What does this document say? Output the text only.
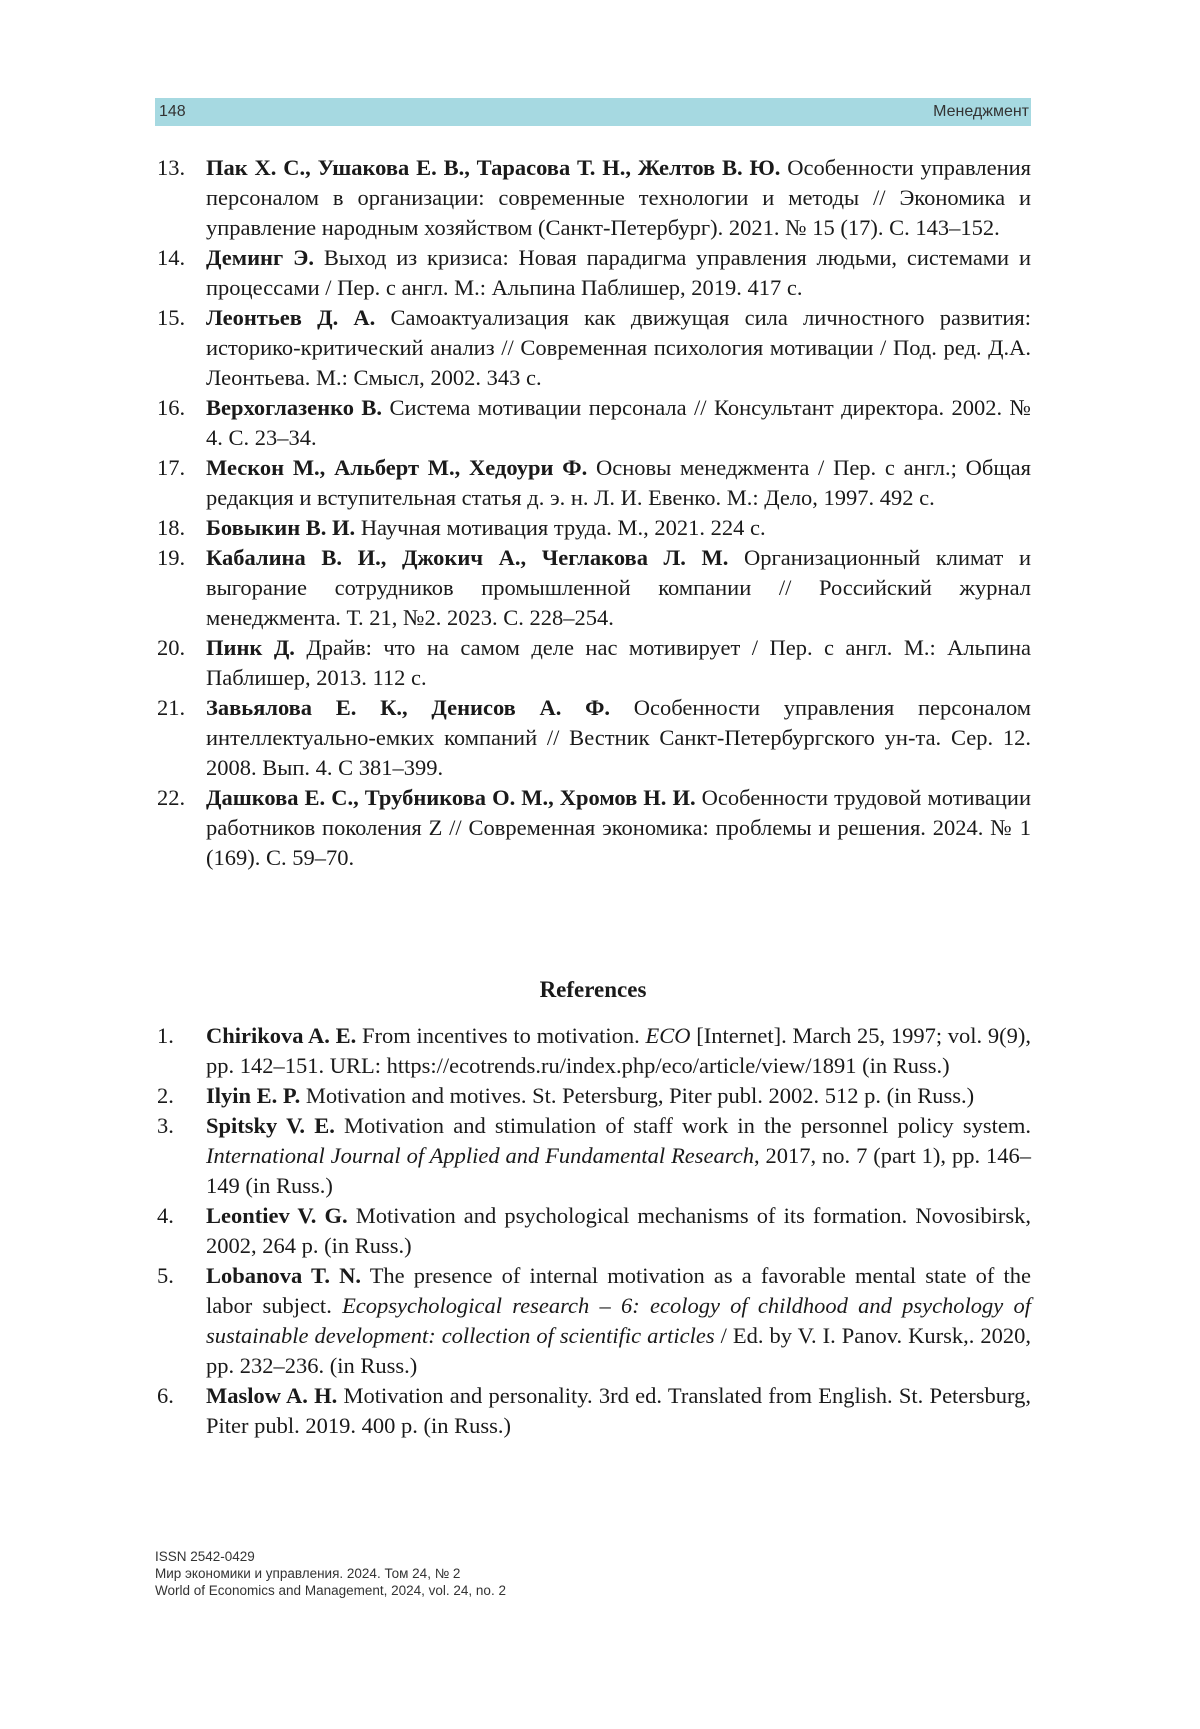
148	Менеджмент
13. Пак Х. С., Ушакова Е. В., Тарасова Т. Н., Желтов В. Ю. Особенности управления персоналом в организации: современные технологии и методы // Экономика и управление народным хозяйством (Санкт-Петербург). 2021. № 15 (17). С. 143–152.
14. Деминг Э. Выход из кризиса: Новая парадигма управления людьми, системами и процессами / Пер. с англ. М.: Альпина Паблишер, 2019. 417 с.
15. Леонтьев Д. А. Самоактуализация как движущая сила личностного развития: историко-критический анализ // Современная психология мотивации / Под. ред. Д.А. Леонтьева. М.: Смысл, 2002. 343 с.
16. Верхоглазенко В. Система мотивации персонала // Консультант директора. 2002. № 4. С. 23–34.
17. Мескон М., Альберт М., Хедоури Ф. Основы менеджмента / Пер. с англ.; Общая редакция и вступительная статья д. э. н. Л. И. Евенко. М.: Дело, 1997. 492 с.
18. Бовыкин В. И. Научная мотивация труда. М., 2021. 224 с.
19. Кабалина В. И., Джокич А., Чеглакова Л. М. Организационный климат и выгорание сотрудников промышленной компании // Российский журнал менеджмента. Т. 21, №2. 2023. С. 228–254.
20. Пинк Д. Драйв: что на самом деле нас мотивирует / Пер. с англ. М.: Альпина Паблишер, 2013. 112 с.
21. Завьялова Е. К., Денисов А. Ф. Особенности управления персоналом интеллектуально-емких компаний // Вестник Санкт-Петербургского ун-та. Сер. 12. 2008. Вып. 4. С 381–399.
22. Дашкова Е. С., Трубникова О. М., Хромов Н. И. Особенности трудовой мотивации работников поколения Z // Современная экономика: проблемы и решения. 2024. № 1 (169). С. 59–70.
References
1. Chirikova A. E. From incentives to motivation. ECO [Internet]. March 25, 1997; vol. 9(9), pp. 142–151. URL: https://ecotrends.ru/index.php/eco/article/view/1891 (in Russ.)
2. Ilyin E. P. Motivation and motives. St. Petersburg, Piter publ. 2002. 512 p. (in Russ.)
3. Spitsky V. E. Motivation and stimulation of staff work in the personnel policy system. International Journal of Applied and Fundamental Research, 2017, no. 7 (part 1), pp. 146–149 (in Russ.)
4. Leontiev V. G. Motivation and psychological mechanisms of its formation. Novosibirsk, 2002, 264 p. (in Russ.)
5. Lobanova T. N. The presence of internal motivation as a favorable mental state of the labor subject. Ecopsychological research – 6: ecology of childhood and psychology of sustainable development: collection of scientific articles / Ed. by V. I. Panov. Kursk,. 2020, pp. 232–236. (in Russ.)
6. Maslow A. H. Motivation and personality. 3rd ed. Translated from English. St. Petersburg, Piter publ. 2019. 400 p. (in Russ.)
ISSN 2542-0429
Мир экономики и управления. 2024. Том 24, № 2
World of Economics and Management, 2024, vol. 24, no. 2
